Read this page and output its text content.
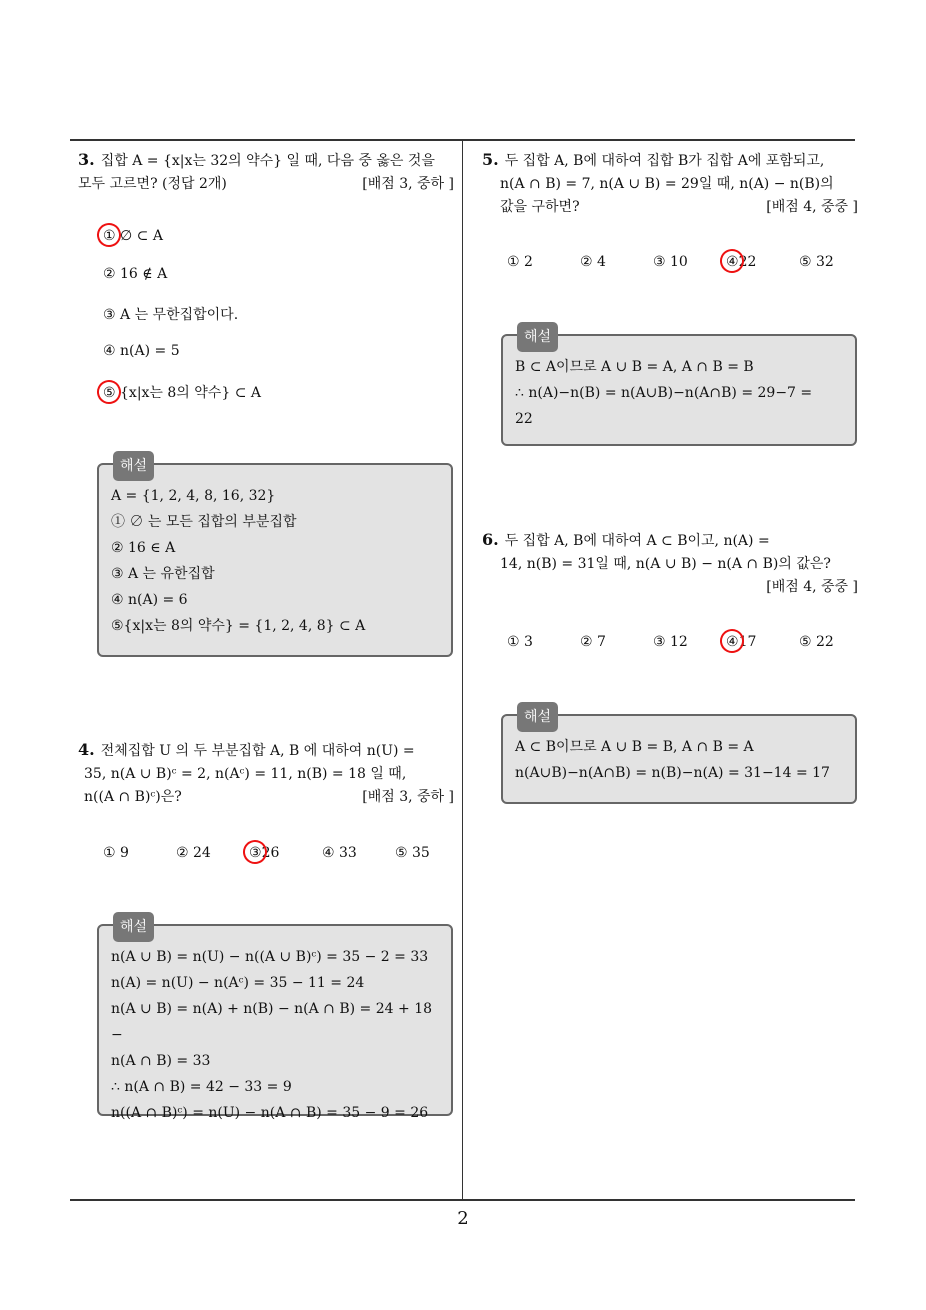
3. 집합 A = {x|x는 32의 약수} 일 때, 다음 중 옳은 것을
모두 고르면? (정답 2개)	[배점 3, 중하 ]
① ∅ ⊂ A
② 16 ∉ A
③ A 는 무한집합이다.
④ n(A) = 5
⑤ {x|x는 8의 약수} ⊂ A
해설
A = {1, 2, 4, 8, 16, 32}
① ∅ 는 모든 집합의 부분집합
② 16 ∈ A
③ A 는 유한집합
④ n(A) = 6
⑤{x|x는 8의 약수} = {1, 2, 4, 8} ⊂ A
4. 전체집합 U 의 두 부분집합 A, B 에 대하여 n(U) =
35, n(A ∪ B)ᶜ = 2, n(Aᶜ) = 11, n(B) = 18 일 때,
n((A ∩ B)ᶜ)은?	[배점 3, 중하 ]
① 9	② 24	③
26	④ 33	⑤ 35
해설
n(A ∪ B) = n(U) − n((A ∪ B)ᶜ) = 35 − 2 = 33
n(A) = n(U) − n(Aᶜ) = 35 − 11 = 24
n(A ∪ B) = n(A) + n(B) − n(A ∩ B) = 24 + 18 −
n(A ∩ B) = 33
∴ n(A ∩ B) = 42 − 33 = 9
n((A ∩ B)ᶜ) = n(U) − n(A ∩ B) = 35 − 9 = 26
5. 두 집합 A, B에 대하여 집합 B가 집합 A에 포함되고,
n(A ∩ B) = 7, n(A ∪ B) = 29일 때, n(A) − n(B)의
값을 구하면?	[배점 4, 중중 ]
① 2	② 4	③ 10	④
22	⑤ 32
해설
B ⊂ A이므로 A ∪ B = A, A ∩ B = B
∴ n(A)−n(B) = n(A∪B)−n(A∩B) = 29−7 =
22
6. 두 집합 A, B에 대하여 A ⊂ B이고, n(A) =
14, n(B) = 31일 때, n(A ∪ B) − n(A ∩ B)의 값은?
[배점 4, 중중 ]

① 3	② 7	③ 12	④
17	⑤ 22
해설
A ⊂ B이므로 A ∪ B = B, A ∩ B = A
n(A∪B)−n(A∩B) = n(B)−n(A) = 31−14 = 17
2
